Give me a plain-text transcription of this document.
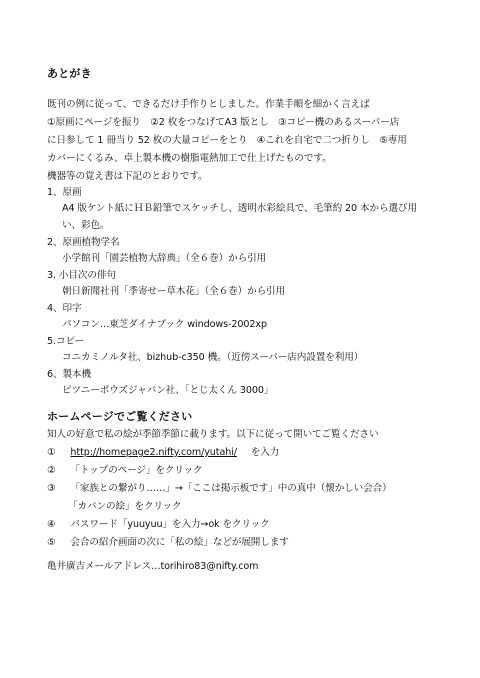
あとがき
既刊の例に従って、できるだけ手作りとしました。作業手順を細かく言えば
①原画にページを振り　②2 枚をつなげてA3 版とし　③コピー機のあるスーパー店
に日参して 1 冊当り 52 枚の大量コピーをとり　④これを自宅で二つ折りし　⑤専用
カバーにくるみ、卓上製本機の樹脂電熱加工で仕上げたものです。
機器等の覚え書は下記のとおりです。
1、原画
A4 版ケント紙にＨＢ鉛筆でスケッチし、透明水彩絵具で、毛筆約 20 本から選び用
い、彩色。
2、原画植物学名
小学館刊「園芸植物大辞典」（全６巻）から引用
3. 小目次の俳句
朝日新聞社刊「季寄せー草木花」（全６巻）から引用
4、印字
パソコン…東芝ダイナブック windows-2002xp
5.コピー
コニカミノルタ社、bizhub-c350 機。（近傍スーパー店内設置を利用）
6、製本機
ピツニーボウズジャパン社、「とじ太くん 3000」
ホームページでご覧ください
知人の好意で私の絵が季節季節に載ります。以下に従って開いてご覧ください
① http://homepage2.nifty.com/yutahi/ を入力
② 「トップのページ」をクリック
③ 「家族との繋がり……」→「ここは掲示板です」中の真中（懐かしい会合）
「カバンの絵」をクリック
④ パスワード「yuuyuu」を入力→ok をクリック
⑤ 会合の紹介画面の次に「私の絵」などが展開します
亀井廣吉メールアドレス…torihiro83@nifty.com
